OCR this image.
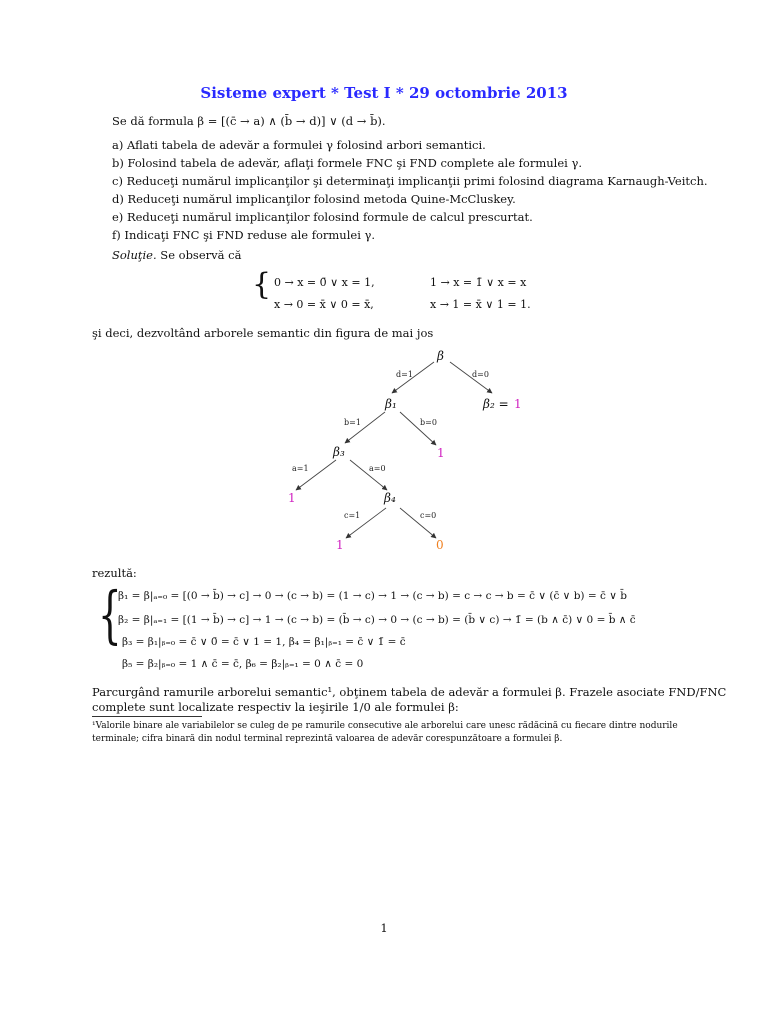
Sisteme expert * Test I * 29 octombrie 2013
Se dă formula β = [(c̄ → a) ∧ (b̄ → d)] ∨ (d → b̄).
a) Aflati tabela de adevăr a formulei γ folosind arbori semantici.
b) Folosind tabela de adevăr, aflaţi formele FNC şi FND complete ale formulei γ.
c) Reduceţi numărul implicanţilor şi determinaţi implicanţii primi folosind diagrama Karnaugh-Veitch.
d) Reduceţi numărul implicanţilor folosind metoda Quine-McCluskey.
e) Reduceţi numărul implicanţilor folosind formule de calcul prescurtat.
f) Indicaţi FNC şi FND reduse ale formulei γ.
Soluţie. Se observă că
{ 0 → x = 0̄ ∨ x = 1,	1 → x = 1̄ ∨ x = x
x → 0 = x̄ ∨ 0 = x̄,	x → 1 = x̄ ∨ 1 = 1.
şi deci, dezvoltând arborele semantic din figura de mai jos
d=1	d=0
b=1	b=0
a=1	a=0
c=1	c=0
β
β₁	β₂ =
β₃
β₄
1
1
1
1	0
rezultă:
{
β₁ = β|ₐ₌₀ = [(0 → b̄) → c] → 0 → (c → b) = (1 → c) → 1 → (c → b) = c → c → b = c̄ ∨ (c̄ ∨ b) = c̄ ∨ b̄
β₂ = β|ₐ₌₁ = [(1 → b̄) → c] → 1 → (c → b) = (b̄ → c) → 0 → (c → b) = (b̄ ∨ c) → 1̄ = (b ∧ c̄) ∨ 0 = b̄ ∧ c̄
β₃ = β₁|ᵦ₌₀ = c̄ ∨ 0̄ = c̄ ∨ 1 = 1, β₄ = β₁|ᵦ₌₁ = c̄ ∨ 1̄ = c̄
β₅ = β₂|ᵦ₌₀ = 1 ∧ c̄ = c̄, β₆ = β₂|ᵦ₌₁ = 0 ∧ c̄ = 0
Parcurgând ramurile arborelui semantic¹, obţinem tabela de adevăr a formulei β. Frazele asociate FND/FNC
complete sunt localizate respectiv la ieşirile 1/0 ale formulei β:
¹Valorile binare ale variabilelor se culeg de pe ramurile consecutive ale arborelui care unesc rădăcină cu fiecare dintre nodurile
terminale; cifra binară din nodul terminal reprezintă valoarea de adevăr corespunzătoare a formulei β.
1
